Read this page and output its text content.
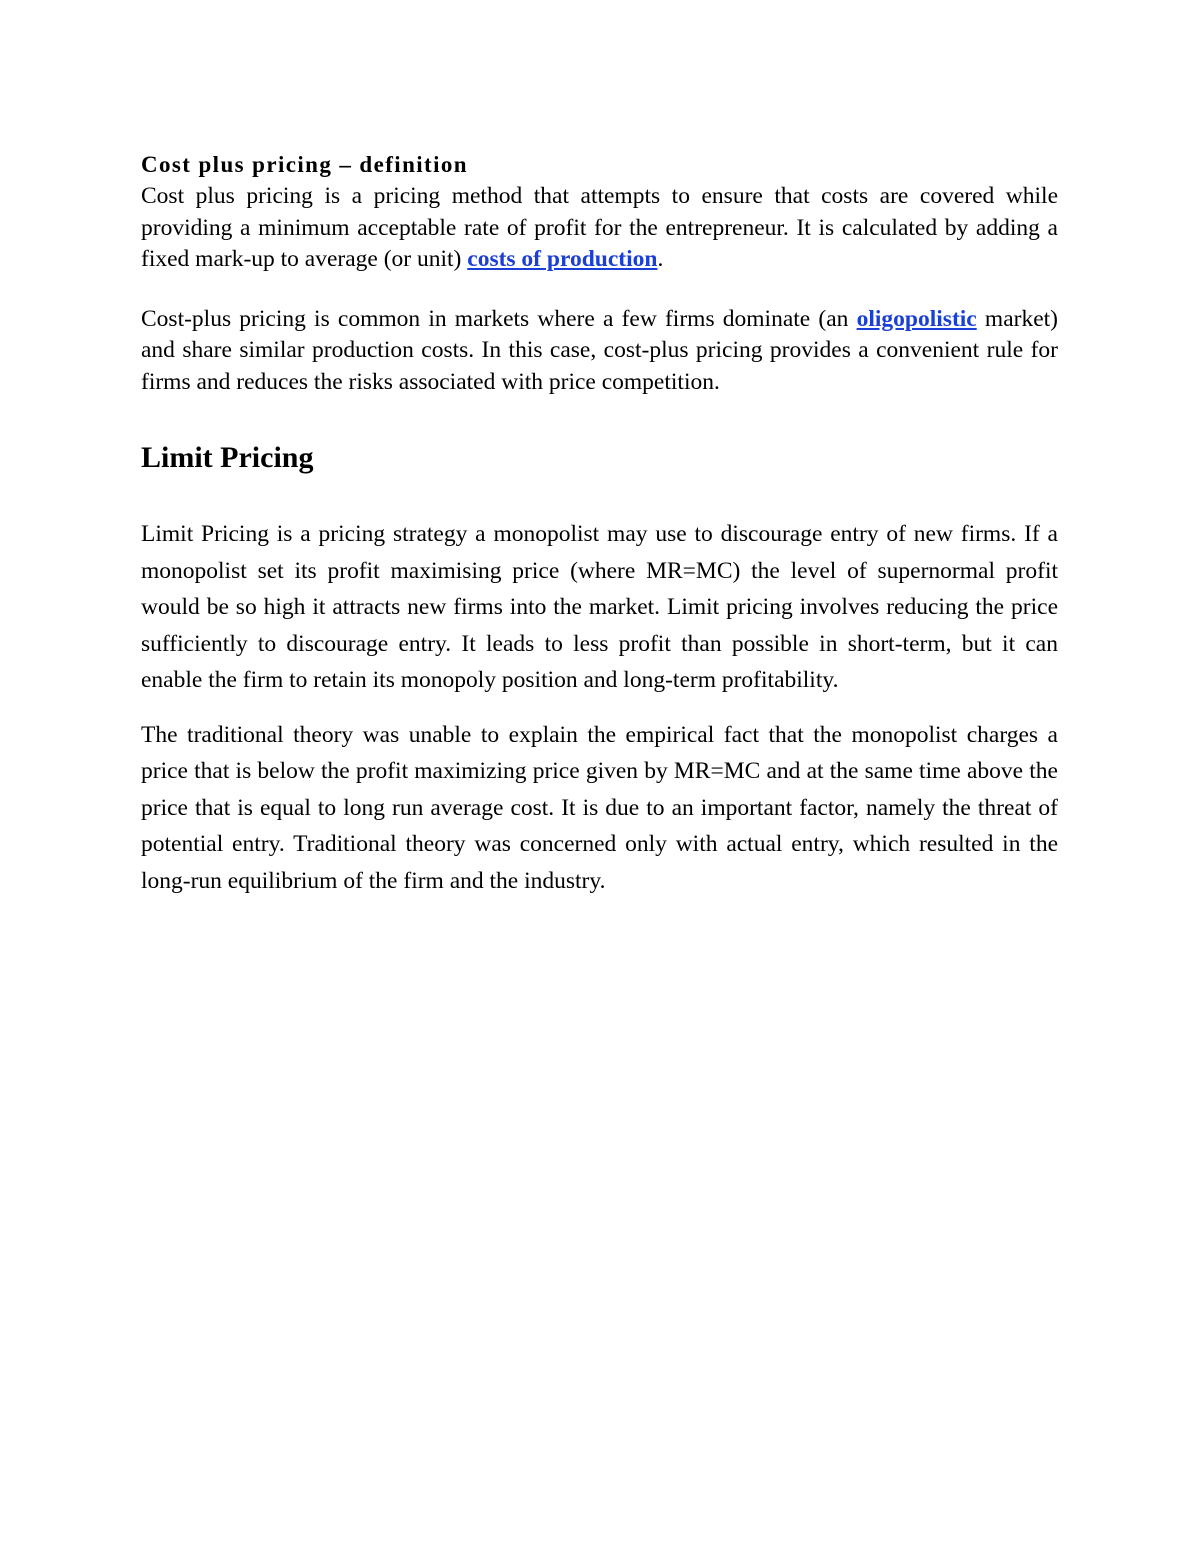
Cost plus pricing – definition

Cost plus pricing is a pricing method that attempts to ensure that costs are covered while providing a minimum acceptable rate of profit for the entrepreneur. It is calculated by adding a fixed mark-up to average (or unit) costs of production.

Cost-plus pricing is common in markets where a few firms dominate (an oligopolistic market) and share similar production costs. In this case, cost-plus pricing provides a convenient rule for firms and reduces the risks associated with price competition.

Limit Pricing

Limit Pricing is a pricing strategy a monopolist may use to discourage entry of new firms. If a monopolist set its profit maximising price (where MR=MC) the level of supernormal profit would be so high it attracts new firms into the market. Limit pricing involves reducing the price sufficiently to discourage entry. It leads to less profit than possible in short-term, but it can enable the firm to retain its monopoly position and long-term profitability.

The traditional theory was unable to explain the empirical fact that the monopolist charges a price that is below the profit maximizing price given by MR=MC and at the same time above the price that is equal to long run average cost. It is due to an important factor, namely the threat of potential entry. Traditional theory was concerned only with actual entry, which resulted in the long-run equilibrium of the firm and the industry.
